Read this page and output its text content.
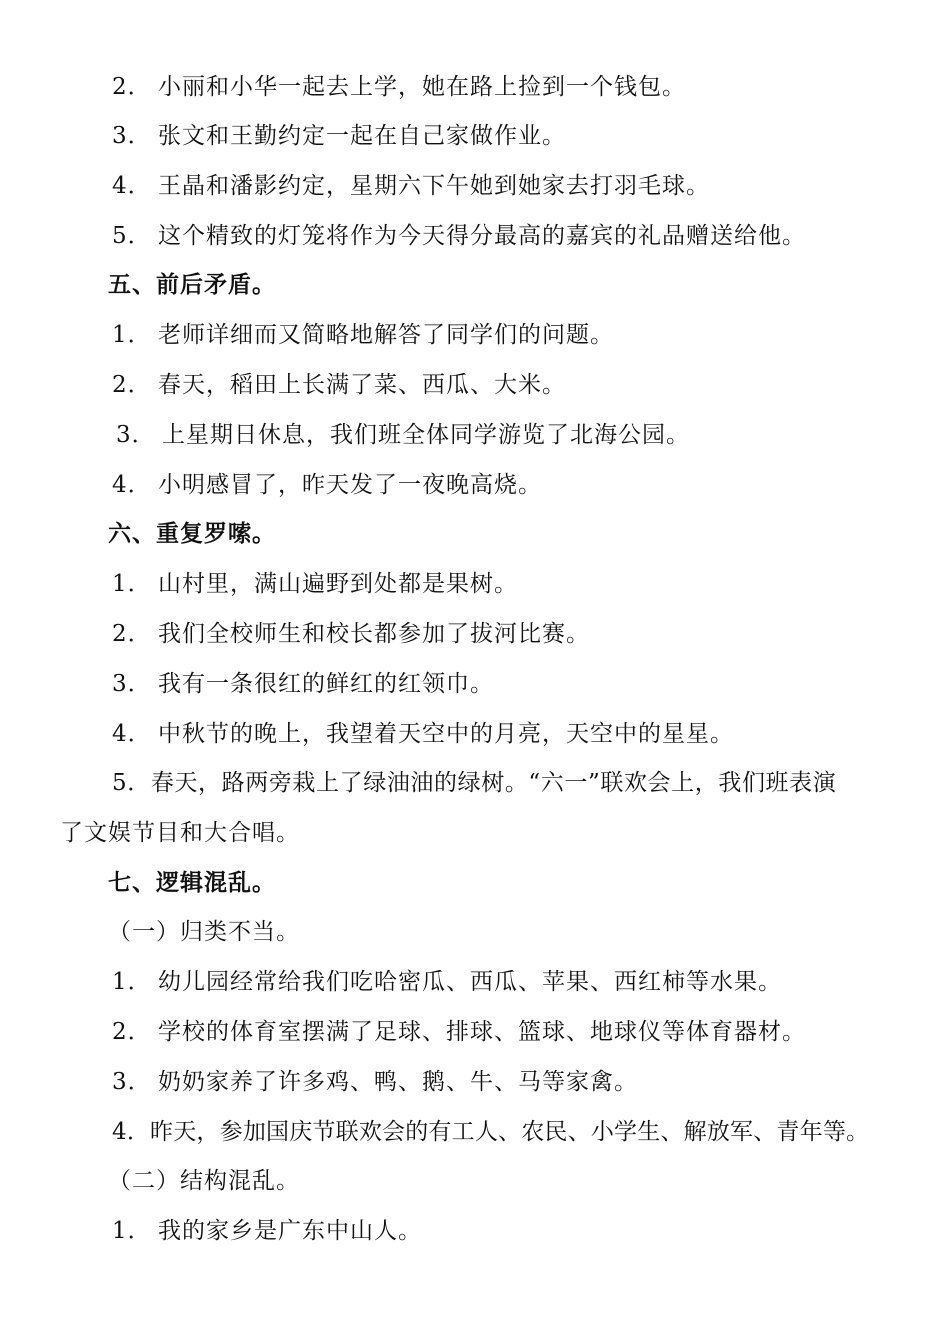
2． 小丽和小华一起去上学，她在路上捡到一个钱包。
3． 张文和王勤约定一起在自己家做作业。
4． 王晶和潘影约定，星期六下午她到她家去打羽毛球。
5． 这个精致的灯笼将作为今天得分最高的嘉宾的礼品赠送给他。
五、前后矛盾。
1． 老师详细而又简略地解答了同学们的问题。
2． 春天，稻田上长满了菜、西瓜、大米。
3． 上星期日休息，我们班全体同学游览了北海公园。
4． 小明感冒了，昨天发了一夜晚高烧。
六、重复罗嗦。
1． 山村里，满山遍野到处都是果树。
2． 我们全校师生和校长都参加了拔河比赛。
3． 我有一条很红的鲜红的红领巾。
4． 中秋节的晚上，我望着天空中的月亮，天空中的星星。
5．春天，路两旁栽上了绿油油的绿树。“六一”联欢会上，我们班表演
了文娱节目和大合唱。
七、逻辑混乱。
（一）归类不当。
1． 幼儿园经常给我们吃哈密瓜、西瓜、苹果、西红柿等水果。
2． 学校的体育室摆满了足球、排球、篮球、地球仪等体育器材。
3． 奶奶家养了许多鸡、鸭、鹅、牛、马等家禽。
4．昨天，参加国庆节联欢会的有工人、农民、小学生、解放军、青年等。
（二）结构混乱。
1． 我的家乡是广东中山人。
